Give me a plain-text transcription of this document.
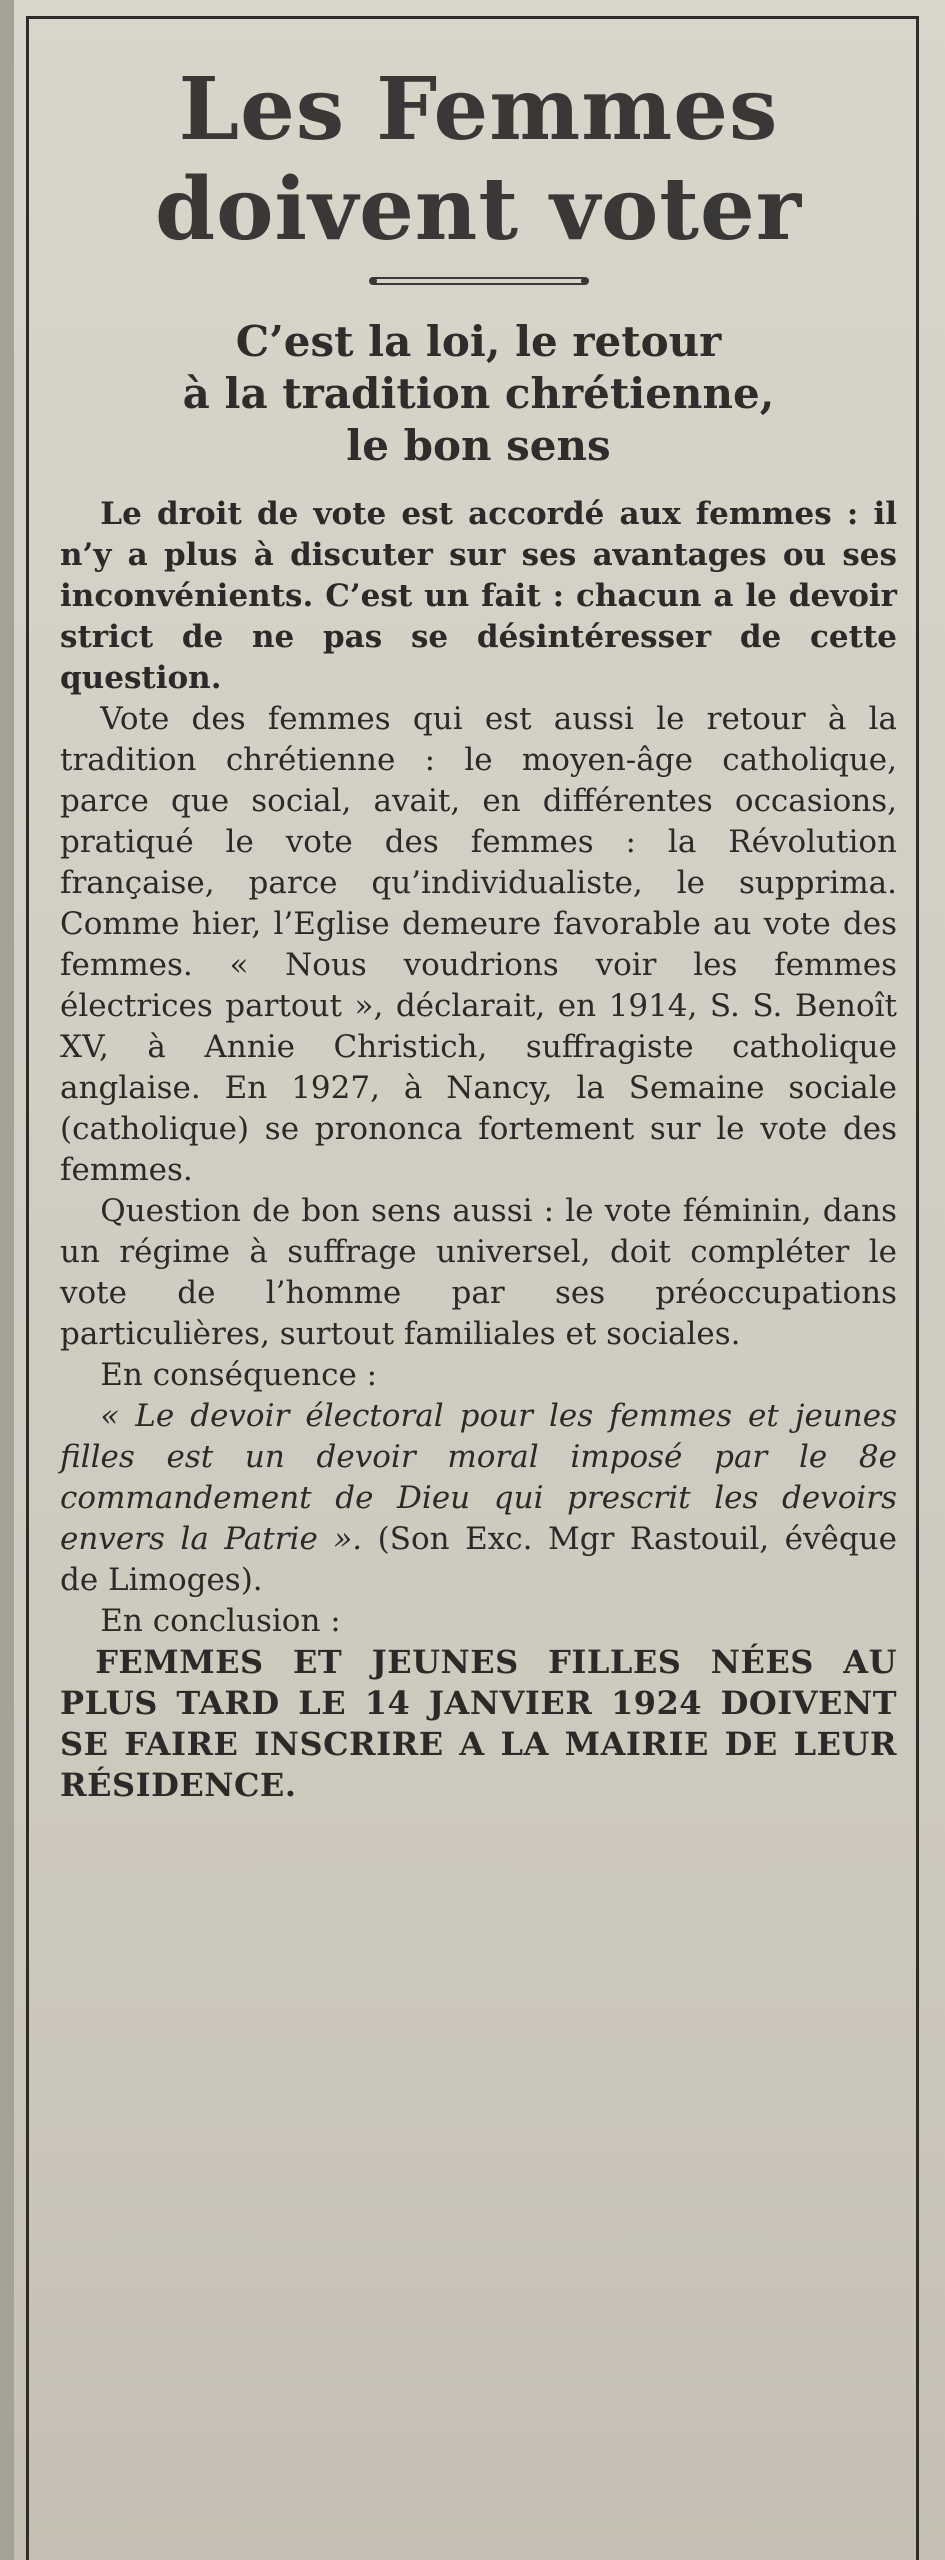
Les Femmes
doivent voter
C’est la loi, le retour
à la tradition chrétienne,
le bon sens

Le droit de vote est accordé aux femmes : il n’y a plus à discuter sur ses avantages ou ses inconvénients. C’est un fait : chacun a le devoir strict de ne pas se désintéresser de cette question.

Vote des femmes qui est aussi le retour à la tradition chrétienne : le moyen-âge catholique, parce que social, avait, en différentes occasions, pratiqué le vote des femmes : la Révolution française, parce qu’individualiste, le supprima. Comme hier, l’Eglise demeure favorable au vote des femmes. « Nous voudrions voir les femmes électrices partout », déclarait, en 1914, S. S. Benoît XV, à Annie Christich, suffragiste catholique anglaise. En 1927, à Nancy, la Semaine sociale (catholique) se prononca fortement sur le vote des femmes.

Question de bon sens aussi : le vote féminin, dans un régime à suffrage universel, doit compléter le vote de l’homme par ses préoccupations particulières, surtout familiales et sociales.

En conséquence :

« Le devoir électoral pour les femmes et jeunes filles est un devoir moral imposé par le 8e commandement de Dieu qui prescrit les devoirs envers la Patrie ». (Son Exc. Mgr Rastouil, évêque de Limoges).

En conclusion :

FEMMES ET JEUNES FILLES NÉES AU PLUS TARD LE 14 JANVIER 1924 DOIVENT SE FAIRE INSCRIRE A LA MAIRIE DE LEUR RÉSIDENCE.
